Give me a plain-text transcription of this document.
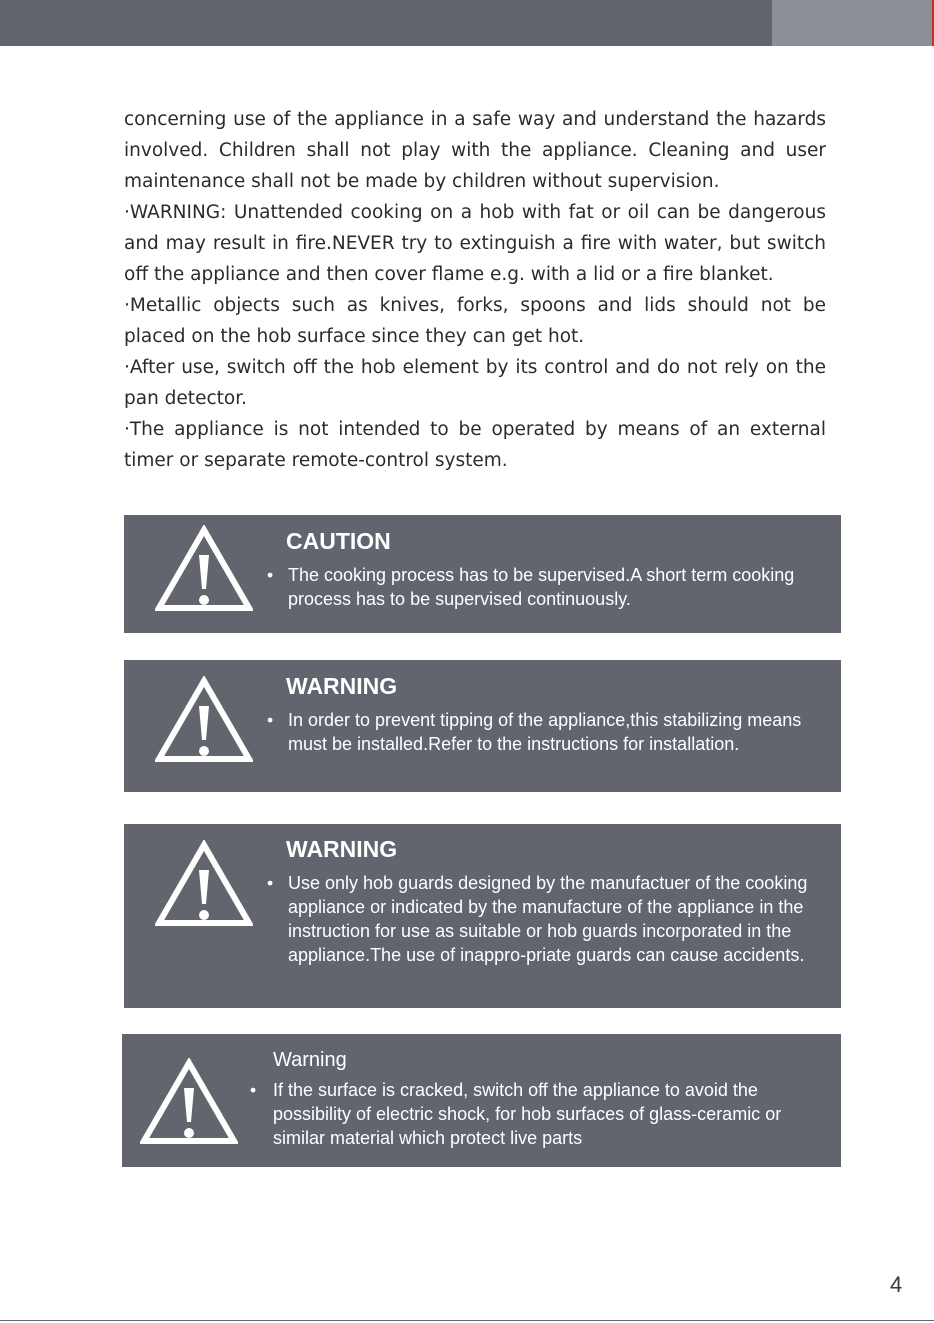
concerning use of the appliance in a safe way and understand the hazards involved. Children shall not play with the appliance. Cleaning and user maintenance shall not be made by children without supervision.

·WARNING: Unattended cooking on a hob with fat or oil can be dangerous and may result in fire.NEVER try to extinguish a fire with water, but switch off the appliance and then cover flame e.g. with a lid or a fire blanket.

·Metallic objects such as knives, forks, spoons and lids should not be placed on the hob surface since they can get hot.

·After use, switch off the hob element by its control and do not rely on the pan detector.

·The appliance is not intended to be operated by means of an external timer or separate remote-control system.

CAUTION
• The cooking process has to be supervised.A short term cooking process has to be supervised continuously.
WARNING
• In order to prevent tipping of the appliance,this stabilizing means must be installed.Refer to the instructions for installation.
WARNING
• Use only hob guards designed by the manufactuer of the cooking appliance or indicated by the manufacture of the appliance in the instruction for use as suitable or hob guards incorporated in the appliance.The use of inappro-priate guards can cause accidents.
Warning
• If the surface is cracked, switch off the appliance to avoid the possibility of electric shock, for hob surfaces of glass-ceramic or similar material which protect live parts
4
